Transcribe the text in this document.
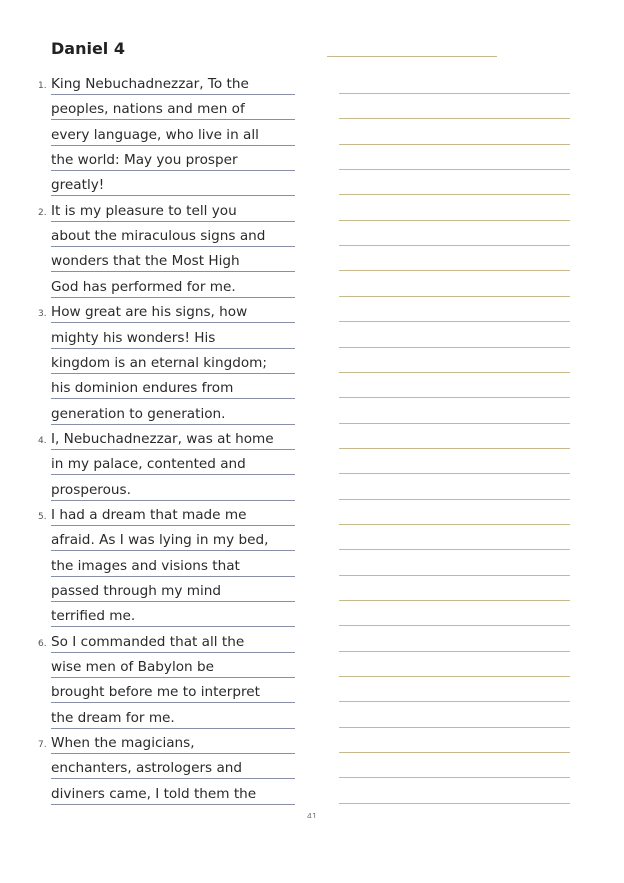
Daniel 4
1. King Nebuchadnezzar, To the
peoples, nations and men of
every language, who live in all
the world: May you prosper
greatly!
2. It is my pleasure to tell you
about the miraculous signs and
wonders that the Most High
God has performed for me.
3. How great are his signs, how
mighty his wonders! His
kingdom is an eternal kingdom;
his dominion endures from
generation to generation.
4. I, Nebuchadnezzar, was at home
in my palace, contented and
prosperous.
5. I had a dream that made me
afraid. As I was lying in my bed,
the images and visions that
passed through my mind
terrified me.
6. So I commanded that all the
wise men of Babylon be
brought before me to interpret
the dream for me.
7. When the magicians,
enchanters, astrologers and
diviners came, I told them the
41
